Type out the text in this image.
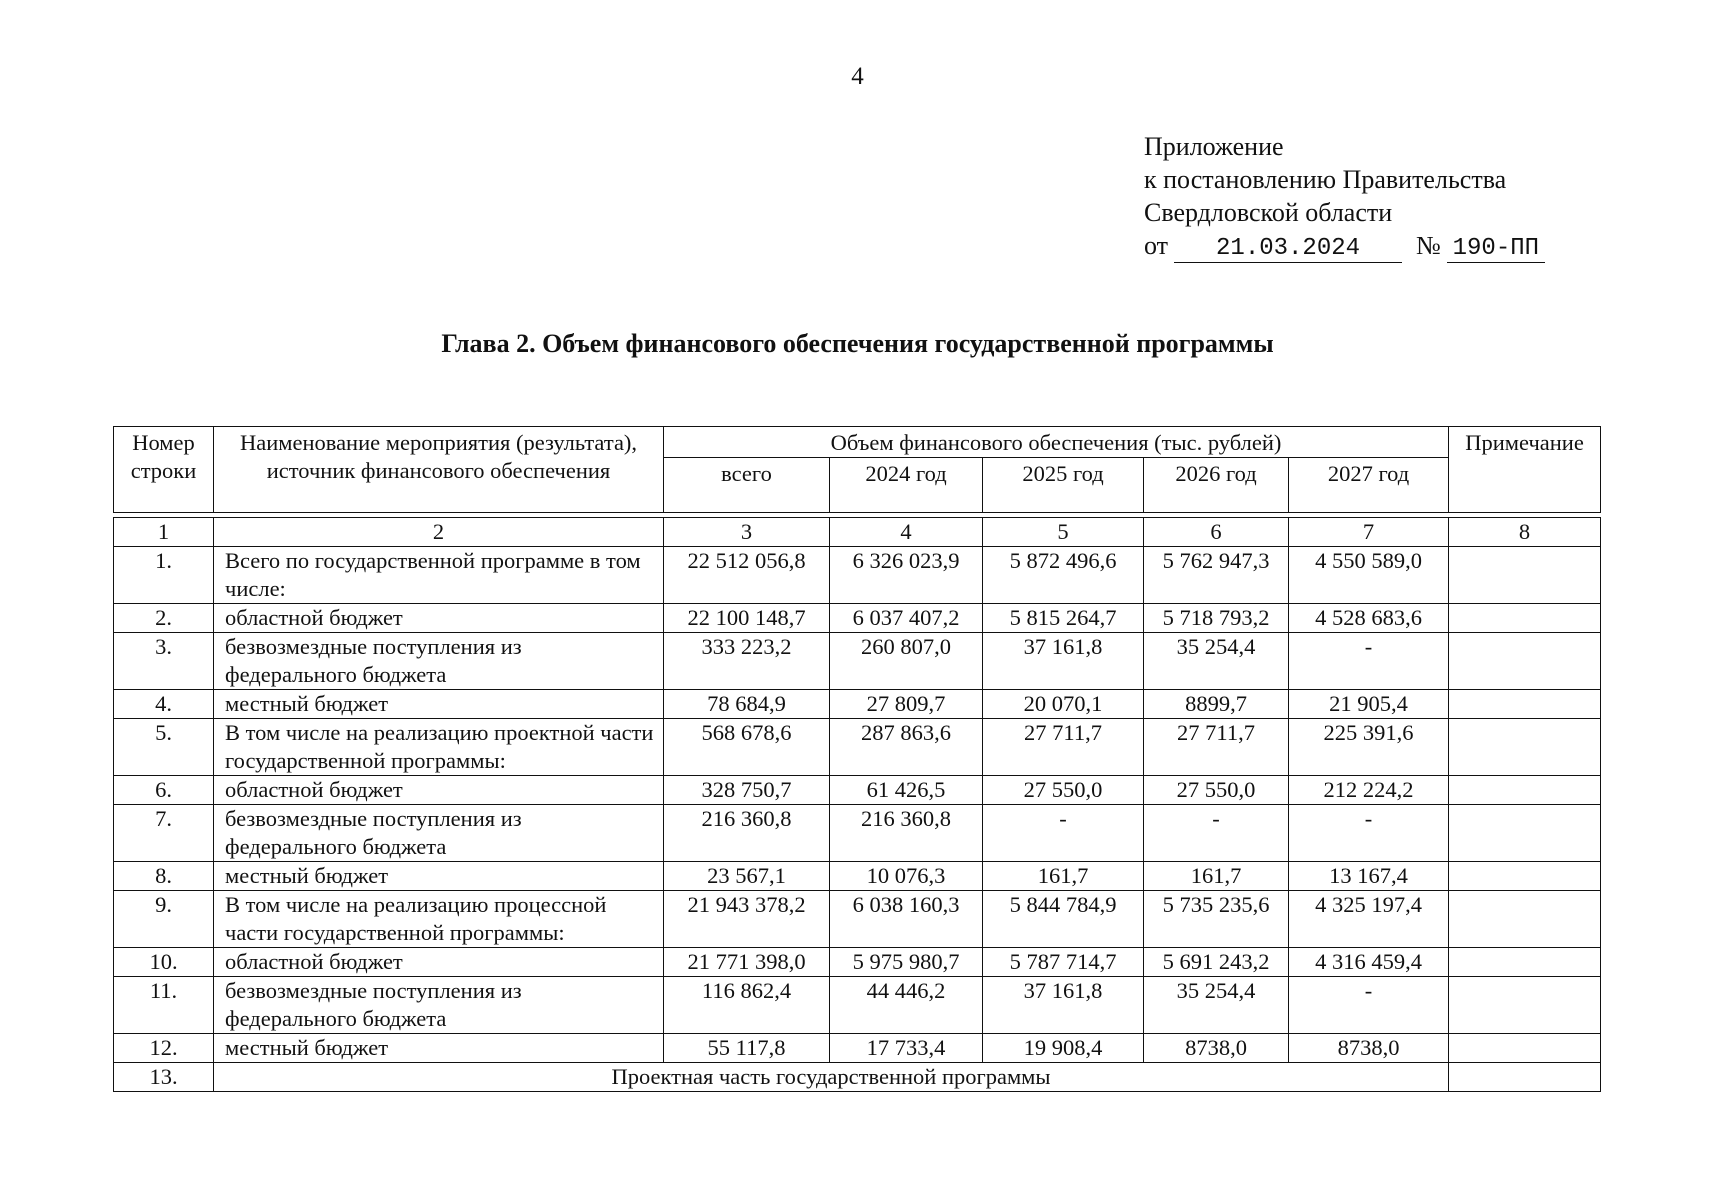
4
Приложение
к постановлению Правительства
Свердловской области
от 21.03.2024 № 190-ПП
Глава 2. Объем финансового обеспечения государственной программы
Номер строки	Наименование мероприятия (результата), источник финансового обеспечения	Объем финансового обеспечения (тыс. рублей)					Примечание
		всего	2024 год	2025 год	2026 год	2027 год	

1	2	3	4	5	6	7	8
1.	Всего по государственной программе в том числе:	22 512 056,8	6 326 023,9	5 872 496,6	5 762 947,3	4 550 589,0	
2.	областной бюджет	22 100 148,7	6 037 407,2	5 815 264,7	5 718 793,2	4 528 683,6	
3.	безвозмездные поступления из федерального бюджета	333 223,2	260 807,0	37 161,8	35 254,4	-	
4.	местный бюджет	78 684,9	27 809,7	20 070,1	8899,7	21 905,4	
5.	В том числе на реализацию проектной части государственной программы:	568 678,6	287 863,6	27 711,7	27 711,7	225 391,6	
6.	областной бюджет	328 750,7	61 426,5	27 550,0	27 550,0	212 224,2	
7.	безвозмездные поступления из федерального бюджета	216 360,8	216 360,8	-	-	-	
8.	местный бюджет	23 567,1	10 076,3	161,7	161,7	13 167,4	
9.	В том числе на реализацию процессной части государственной программы:	21 943 378,2	6 038 160,3	5 844 784,9	5 735 235,6	4 325 197,4	
10.	областной бюджет	21 771 398,0	5 975 980,7	5 787 714,7	5 691 243,2	4 316 459,4	
11.	безвозмездные поступления из федерального бюджета	116 862,4	44 446,2	37 161,8	35 254,4	-	
12.	местный бюджет	55 117,8	17 733,4	19 908,4	8738,0	8738,0	
13.	Проектная часть государственной программы						
